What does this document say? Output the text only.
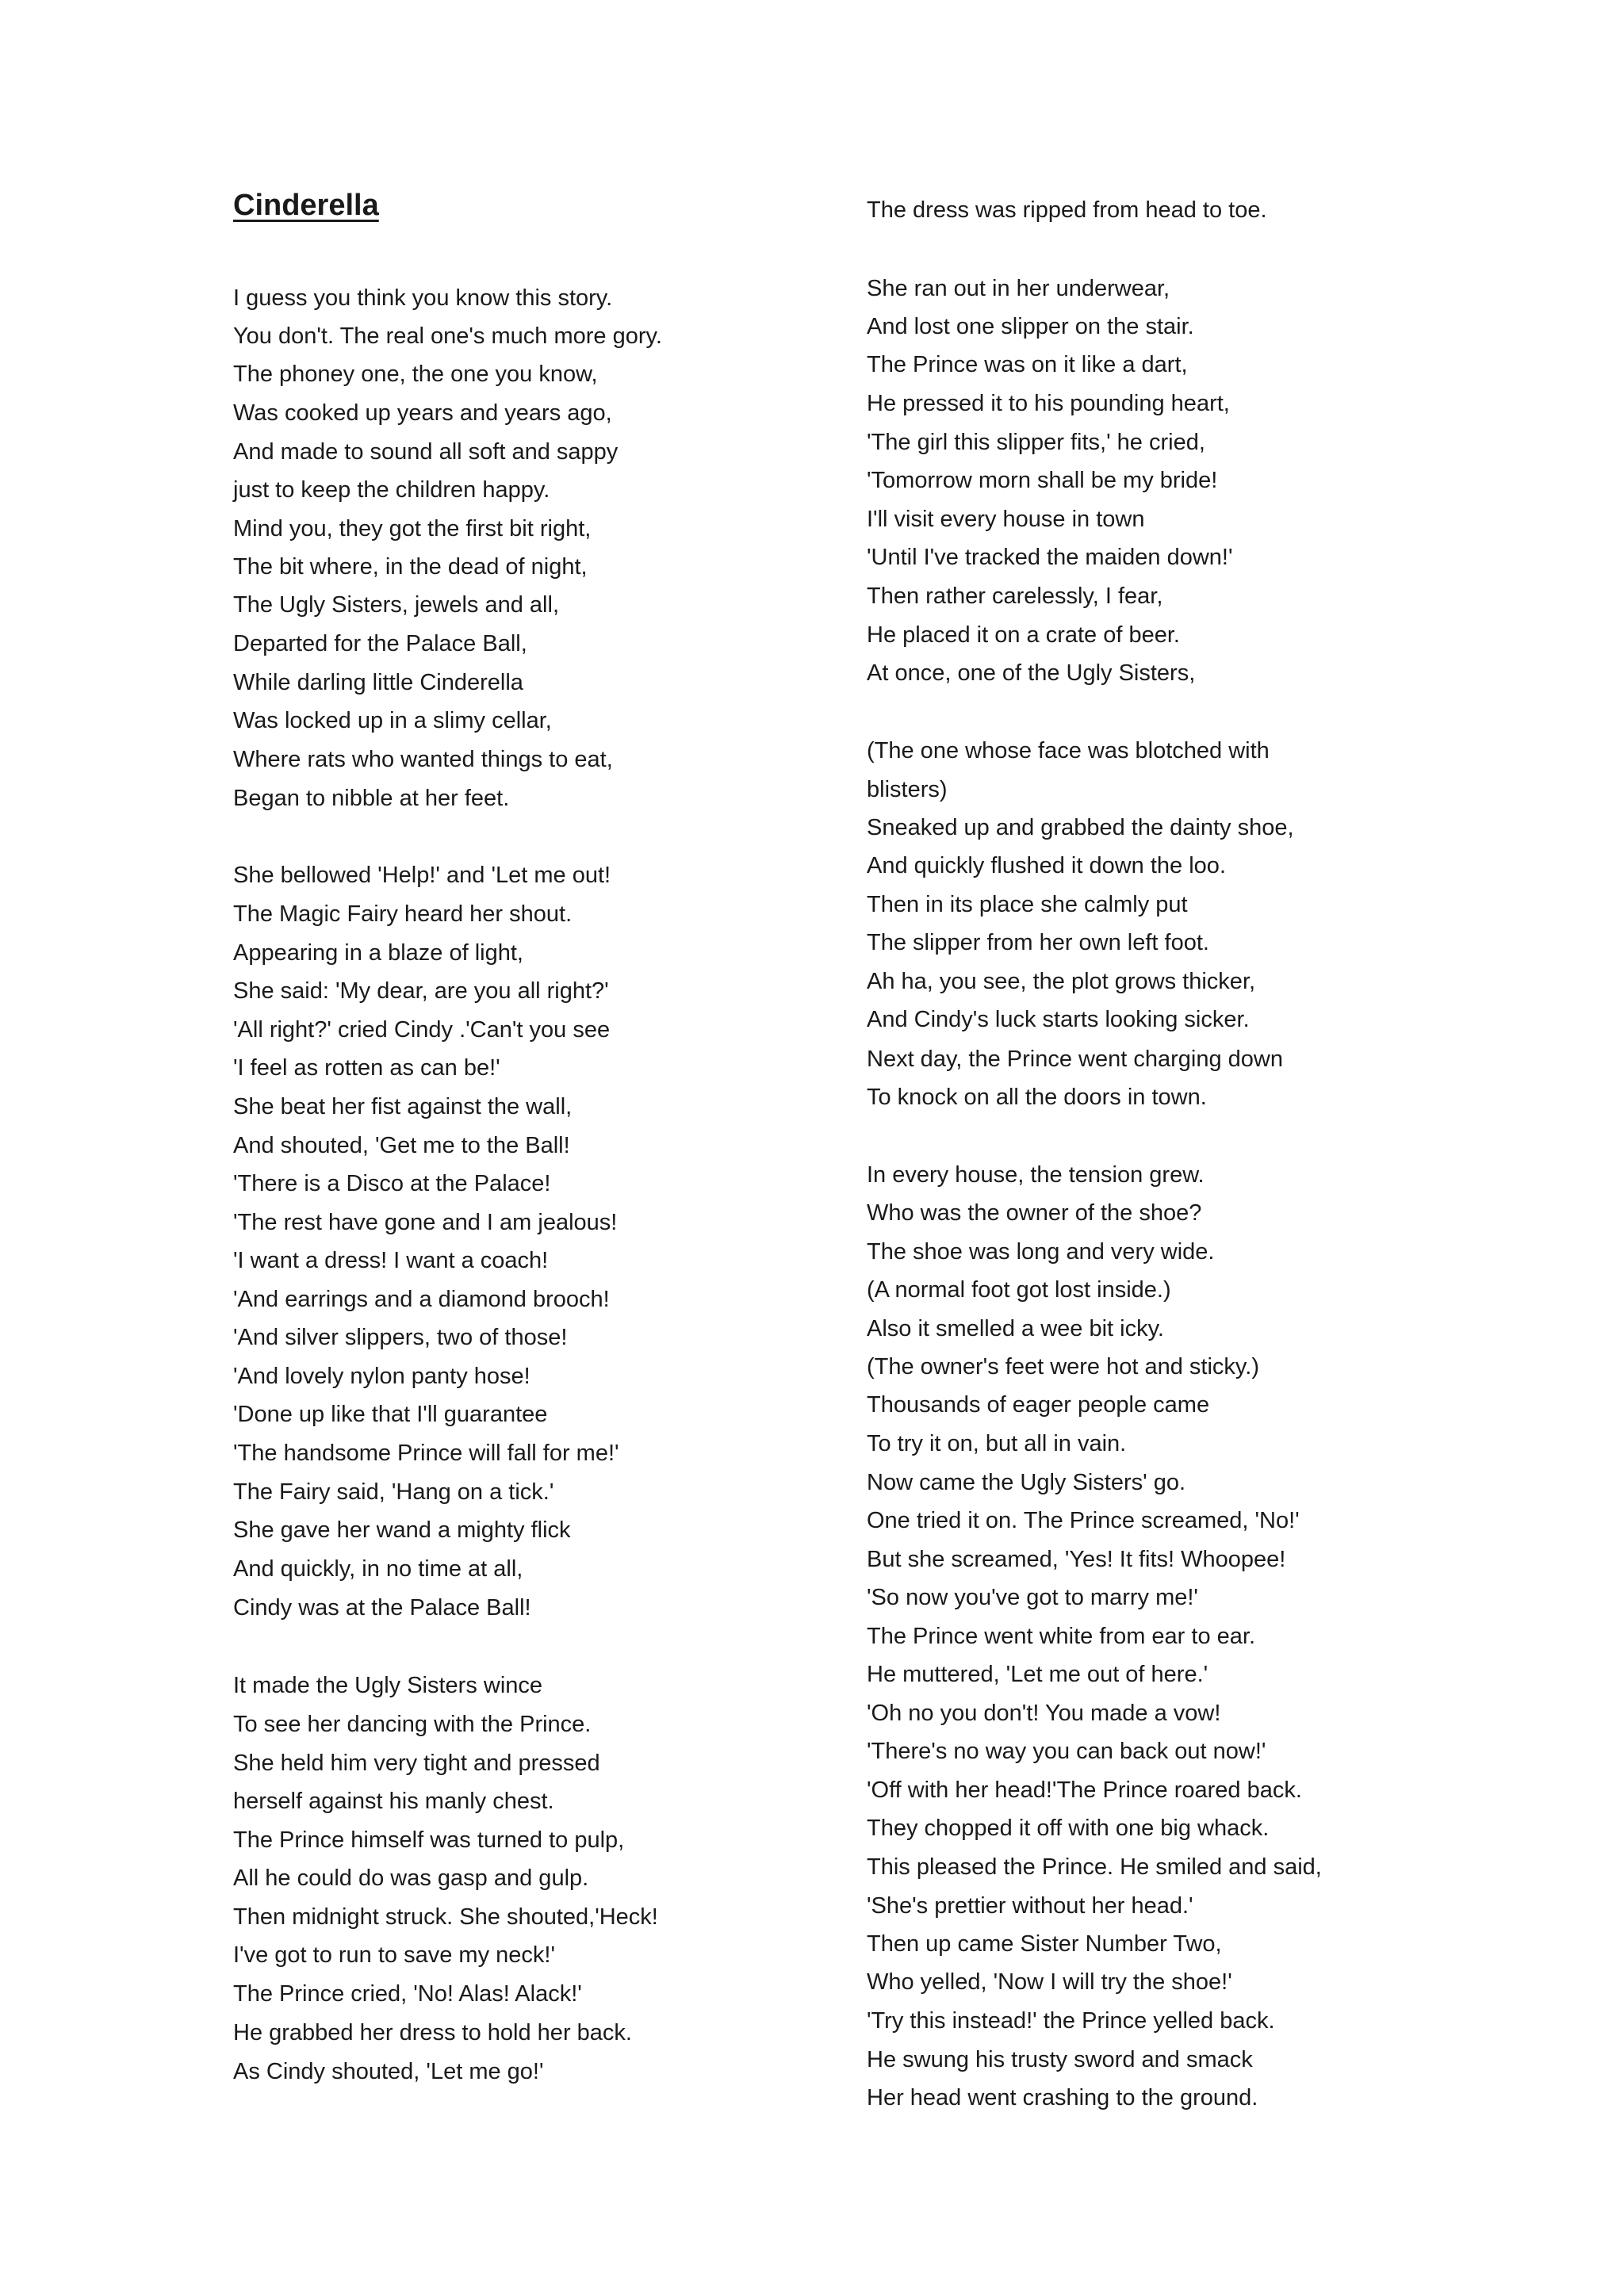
Cinderella
I guess you think you know this story.
You don't. The real one's much more gory.
The phoney one, the one you know,
Was cooked up years and years ago,
And made to sound all soft and sappy
just to keep the children happy.
Mind you, they got the first bit right,
The bit where, in the dead of night,
The Ugly Sisters, jewels and all,
Departed for the Palace Ball,
While darling little Cinderella
Was locked up in a slimy cellar,
Where rats who wanted things to eat,
Began to nibble at her feet.
She bellowed 'Help!' and 'Let me out!
The Magic Fairy heard her shout.
Appearing in a blaze of light,
She said: 'My dear, are you all right?'
'All right?' cried Cindy .'Can't you see
'I feel as rotten as can be!'
She beat her fist against the wall,
And shouted, 'Get me to the Ball!
'There is a Disco at the Palace!
'The rest have gone and I am jealous!
'I want a dress! I want a coach!
'And earrings and a diamond brooch!
'And silver slippers, two of those!
'And lovely nylon panty hose!
'Done up like that I'll guarantee
'The handsome Prince will fall for me!'
The Fairy said, 'Hang on a tick.'
She gave her wand a mighty flick
And quickly, in no time at all,
Cindy was at the Palace Ball!
It made the Ugly Sisters wince
To see her dancing with the Prince.
She held him very tight and pressed
herself against his manly chest.
The Prince himself was turned to pulp,
All he could do was gasp and gulp.
Then midnight struck. She shouted,'Heck!
I've got to run to save my neck!'
The Prince cried, 'No! Alas! Alack!'
He grabbed her dress to hold her back.
As Cindy shouted, 'Let me go!'
The dress was ripped from head to toe.
She ran out in her underwear,
And lost one slipper on the stair.
The Prince was on it like a dart,
He pressed it to his pounding heart,
'The girl this slipper fits,' he cried,
'Tomorrow morn shall be my bride!
I'll visit every house in town
'Until I've tracked the maiden down!'
Then rather carelessly, I fear,
He placed it on a crate of beer.
At once, one of the Ugly Sisters,
(The one whose face was blotched with
blisters)
Sneaked up and grabbed the dainty shoe,
And quickly flushed it down the loo.
Then in its place she calmly put
The slipper from her own left foot.
Ah ha, you see, the plot grows thicker,
And Cindy's luck starts looking sicker.
Next day, the Prince went charging down
To knock on all the doors in town.
In every house, the tension grew.
Who was the owner of the shoe?
The shoe was long and very wide.
(A normal foot got lost inside.)
Also it smelled a wee bit icky.
(The owner's feet were hot and sticky.)
Thousands of eager people came
To try it on, but all in vain.
Now came the Ugly Sisters' go.
One tried it on. The Prince screamed, 'No!'
But she screamed, 'Yes! It fits! Whoopee!
'So now you've got to marry me!'
The Prince went white from ear to ear.
He muttered, 'Let me out of here.'
'Oh no you don't! You made a vow!
'There's no way you can back out now!'
'Off with her head!'The Prince roared back.
They chopped it off with one big whack.
This pleased the Prince. He smiled and said,
'She's prettier without her head.'
Then up came Sister Number Two,
Who yelled, 'Now I will try the shoe!'
'Try this instead!' the Prince yelled back.
He swung his trusty sword and smack
Her head went crashing to the ground.
